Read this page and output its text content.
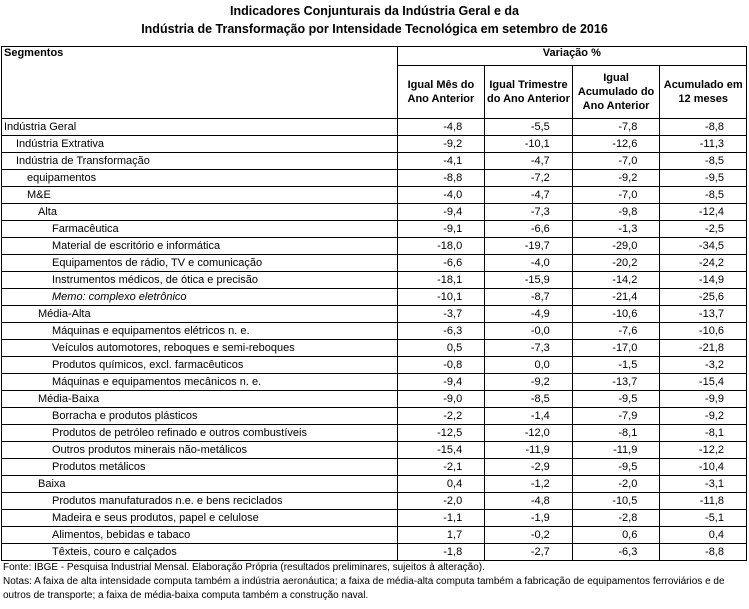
Indicadores Conjunturais da Indústria Geral e da
Indústria de Transformação por Intensidade Tecnológica em setembro de 2016
Segmentos	Variação %			
	Igual Mês do Ano Anterior	Igual Trimestre do Ano Anterior	Igual Acumulado do Ano Anterior	Acumulado em 12 meses
Indústria Geral	-4,8	-5,5	-7,8	-8,8
Indústria Extrativa	-9,2	-10,1	-12,6	-11,3
Indústria de Transformação	-4,1	-4,7	-7,0	-8,5
equipamentos	-8,8	-7,2	-9,2	-9,5
M&E	-4,0	-4,7	-7,0	-8,5
Alta	-9,4	-7,3	-9,8	-12,4
Farmacêutica	-9,1	-6,6	-1,3	-2,5
Material de escritório e informática	-18,0	-19,7	-29,0	-34,5
Equipamentos de rádio, TV e comunicação	-6,6	-4,0	-20,2	-24,2
Instrumentos médicos, de ótica e precisão	-18,1	-15,9	-14,2	-14,9
Memo: complexo eletrônico	-10,1	-8,7	-21,4	-25,6
Média-Alta	-3,7	-4,9	-10,6	-13,7
Máquinas e equipamentos elétricos n. e.	-6,3	-0,0	-7,6	-10,6
Veículos automotores, reboques e semi-reboques	0,5	-7,3	-17,0	-21,8
Produtos químicos, excl. farmacêuticos	-0,8	0,0	-1,5	-3,2
Máquinas e equipamentos mecânicos n. e.	-9,4	-9,2	-13,7	-15,4
Média-Baixa	-9,0	-8,5	-9,5	-9,9
Borracha e produtos plásticos	-2,2	-1,4	-7,9	-9,2
Produtos de petróleo refinado e outros combustíveis	-12,5	-12,0	-8,1	-8,1
Outros produtos minerais não-metálicos	-15,4	-11,9	-11,9	-12,2
Produtos metálicos	-2,1	-2,9	-9,5	-10,4
Baixa	0,4	-1,2	-2,0	-3,1
Produtos manufaturados n.e. e bens reciclados	-2,0	-4,8	-10,5	-11,8
Madeira e seus produtos, papel e celulose	-1,1	-1,9	-2,8	-5,1
Alimentos, bebidas e tabaco	1,7	-0,2	0,6	0,4
Têxteis, couro e calçados	-1,8	-2,7	-6,3	-8,8
Fonte: IBGE - Pesquisa Industrial Mensal. Elaboração Própria (resultados preliminares, sujeitos à alteração).
Notas: A faixa de alta intensidade computa também a indústria aeronáutica; a faixa de média-alta computa também a fabricação de equipamentos ferroviários e de outros de transporte; a faixa de média-baixa computa também a construção naval.
